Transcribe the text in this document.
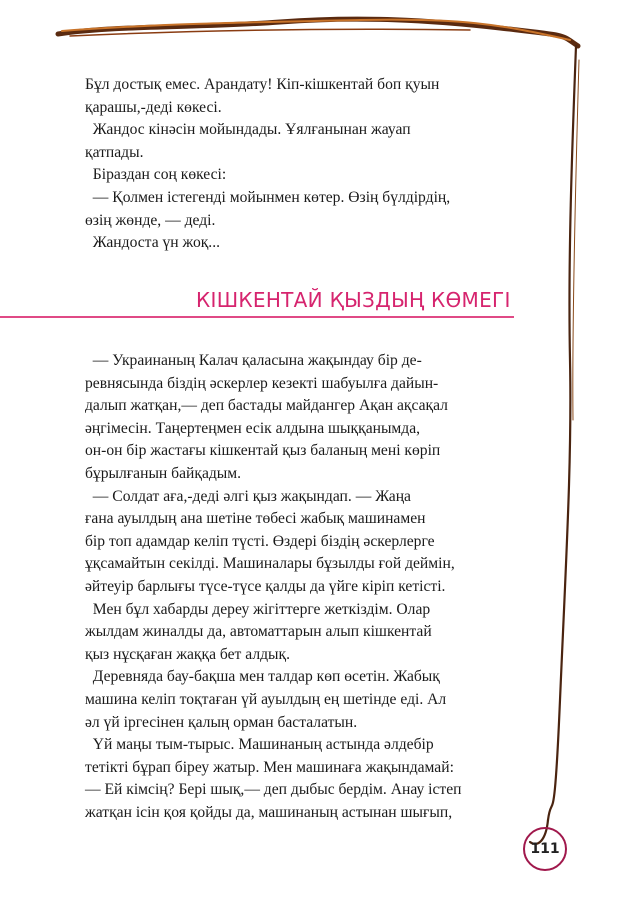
Бұл достық емес. Арандату! Кіп-кішкентай боп қуын
қарашы,-деді көкесі.
Жандос кінәсін мойындады. Ұялғанынан жауап
қатпады.
Біраздан соң көкесі:
— Қолмен істегенді мойынмен көтер. Өзің бүлдірдің,
өзің жөнде, — деді.
Жандоста үн жоқ...
КІШКЕНТАЙ ҚЫЗДЫҢ КӨМЕГІ
— Украинаның Калач қаласына жақындау бір де-
ревнясында біздің әскерлер кезекті шабуылға дайын-
далып жатқан,— деп бастады майдангер Ақан ақсақал
әңгімесін. Таңертеңмен есік алдына шыққанымда,
он-он бір жастағы кішкентай қыз баланың мені көріп
бұрылғанын байқадым.
— Солдат аға,-деді әлгі қыз жақындап. — Жаңа
ғана ауылдың ана шетіне төбесі жабық машинамен
бір топ адамдар келіп түсті. Өздері біздің әскерлерге
ұқсамайтын секілді. Машиналары бұзылды ғой деймін,
әйтеуір барлығы түсе-түсе қалды да үйге кіріп кетісті.
Мен бұл хабарды дереу жігіттерге жеткіздім. Олар
жылдам жиналды да, автоматтарын алып кішкентай
қыз нұсқаған жаққа бет алдық.
Деревняда бау-бақша мен талдар көп өсетін. Жабық
машина келіп тоқтаған үй ауылдың ең шетінде еді. Ал
әл үй іргесінен қалың орман басталатын.
Үй маңы тым-тырыс. Машинаның астында әлдебір
тетікті бұрап біреу жатыр. Мен машинаға жақындамай:
— Ей кімсің? Бері шық,— деп дыбыс бердім. Анау істеп
жатқан ісін қоя қойды да, машинаның астынан шығып,
111
